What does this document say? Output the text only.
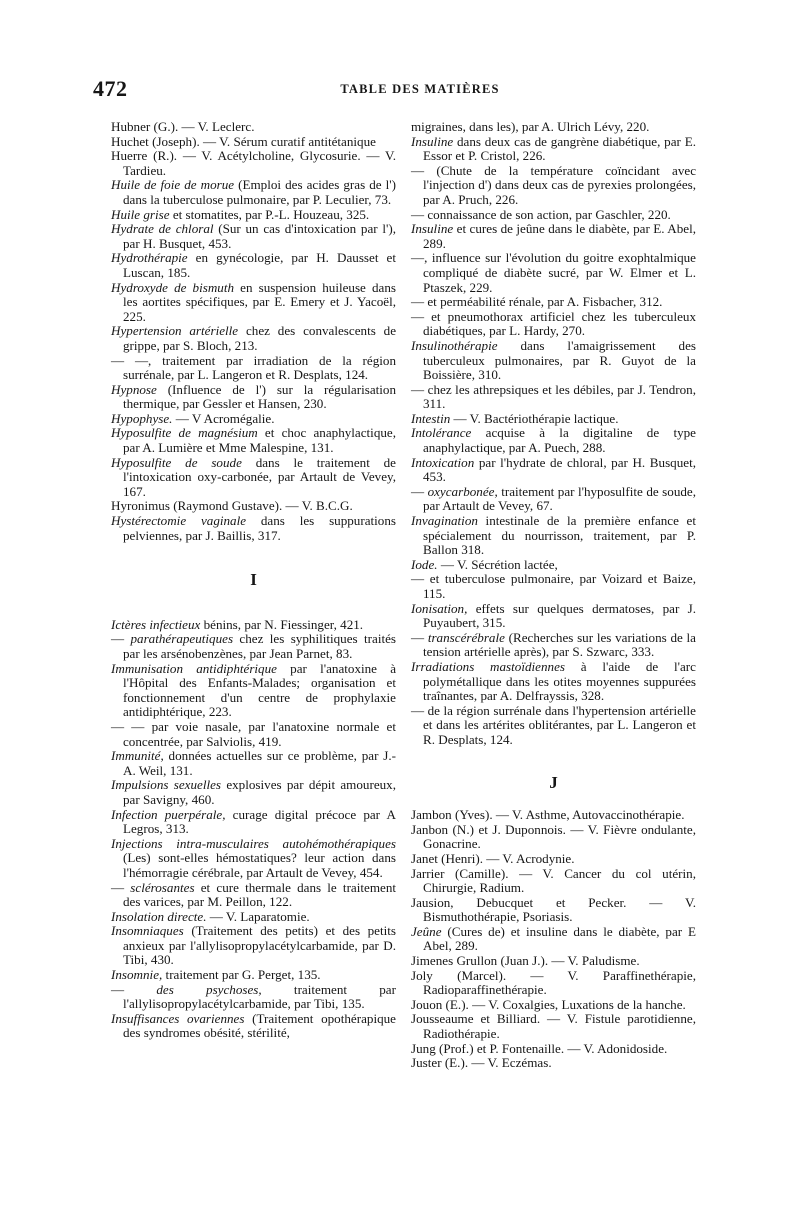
472	TABLE DES MATIÈRES

Hubner (G.). — V. Leclerc.

Huchet (Joseph). — V. Sérum curatif antitétanique

Huerre (R.). — V. Acétylcholine, Glycosurie. — V. Tardieu.

Huile de foie de morue (Emploi des acides gras de l') dans la tuberculose pulmonaire, par P. Leculier, 73.

Huile grise et stomatites, par P.-L. Houzeau, 325.

Hydrate de chloral (Sur un cas d'intoxication par l'), par H. Busquet, 453.

Hydrothérapie en gynécologie, par H. Dausset et Luscan, 185.

Hydroxyde de bismuth en suspension huileuse dans les aortites spécifiques, par E. Emery et J. Yacoël, 225.

Hypertension artérielle chez des convalescents de grippe, par S. Bloch, 213.

— —, traitement par irradiation de la région surrénale, par L. Langeron et R. Desplats, 124.

Hypnose (Influence de l') sur la régularisation thermique, par Gessler et Hansen, 230.

Hypophyse. — V Acromégalie.

Hyposulfite de magnésium et choc anaphylactique, par A. Lumière et Mme Malespine, 131.

Hyposulfite de soude dans le traitement de l'intoxication oxy-carbonée, par Artault de Vevey, 167.

Hyronimus (Raymond Gustave). — V. B.C.G.

Hystérectomie vaginale dans les suppurations pelviennes, par J. Baillis, 317.

I

Ictères infectieux bénins, par N. Fiessinger, 421.

— parathérapeutiques chez les syphilitiques traités par les arsénobenzènes, par Jean Parnet, 83.

Immunisation antidiphtérique par l'anatoxine à l'Hôpital des Enfants-Malades; organisation et fonctionnement d'un centre de prophylaxie antidiphtérique, 223.

— — par voie nasale, par l'anatoxine normale et concentrée, par Salviolis, 419.

Immunité, données actuelles sur ce problème, par J.-A. Weil, 131.

Impulsions sexuelles explosives par dépit amoureux, par Savigny, 460.

Infection puerpérale, curage digital précoce par A Legros, 313.

Injections intra-musculaires autohémothérapiques (Les) sont-elles hémostatiques? leur action dans l'hémorragie cérébrale, par Artault de Vevey, 454.

— sclérosantes et cure thermale dans le traitement des varices, par M. Peillon, 122.

Insolation directe. — V. Laparatomie.

Insomniaques (Traitement des petits) et des petits anxieux par l'allylisopropylacétylcarbamide, par D. Tibi, 430.

Insomnie, traitement par G. Perget, 135.

— des psychoses, traitement par l'allylisopropylacétylcarbamide, par Tibi, 135.

Insuffisances ovariennes (Traitement opothérapique des syndromes obésité, stérilité,

migraines, dans les), par A. Ulrich Lévy, 220.

Insuline dans deux cas de gangrène diabétique, par E. Essor et P. Cristol, 226.

— (Chute de la température coïncidant avec l'injection d') dans deux cas de pyrexies prolongées, par A. Pruch, 226.

— connaissance de son action, par Gaschler, 220.

Insuline et cures de jeûne dans le diabète, par E. Abel, 289.

—, influence sur l'évolution du goitre exophtalmique compliqué de diabète sucré, par W. Elmer et L. Ptaszek, 229.

— et perméabilité rénale, par A. Fisbacher, 312.

— et pneumothorax artificiel chez les tuberculeux diabétiques, par L. Hardy, 270.

Insulinothérapie dans l'amaigrissement des tuberculeux pulmonaires, par R. Guyot de la Boissière, 310.

— chez les athrepsiques et les débiles, par J. Tendron, 311.

Intestin — V. Bactériothérapie lactique.

Intolérance acquise à la digitaline de type anaphylactique, par A. Puech, 288.

Intoxication par l'hydrate de chloral, par H. Busquet, 453.

— oxycarbonée, traitement par l'hyposulfite de soude, par Artault de Vevey, 67.

Invagination intestinale de la première enfance et spécialement du nourrisson, traitement, par P. Ballon 318.

Iode. — V. Sécrétion lactée,

— et tuberculose pulmonaire, par Voizard et Baize, 115.

Ionisation, effets sur quelques dermatoses, par J. Puyaubert, 315.

— transcérébrale (Recherches sur les variations de la tension artérielle après), par S. Szwarc, 333.

Irradiations mastoïdiennes à l'aide de l'arc polymétallique dans les otites moyennes suppurées traînantes, par A. Delfrayssis, 328.

— de la région surrénale dans l'hypertension artérielle et dans les artérites oblitérantes, par L. Langeron et R. Desplats, 124.

J

Jambon (Yves). — V. Asthme, Autovaccinothérapie.

Janbon (N.) et J. Duponnois. — V. Fièvre ondulante, Gonacrine.

Janet (Henri). — V. Acrodynie.

Jarrier (Camille). — V. Cancer du col utérin, Chirurgie, Radium.

Jausion, Debucquet et Pecker. — V. Bismuthothérapie, Psoriasis.

Jeûne (Cures de) et insuline dans le diabète, par E Abel, 289.

Jimenes Grullon (Juan J.). — V. Paludisme.

Joly (Marcel). — V. Paraffinethérapie, Radioparaffinethérapie.

Jouon (E.). — V. Coxalgies, Luxations de la hanche.

Jousseaume et Billiard. — V. Fistule parotidienne, Radiothérapie.

Jung (Prof.) et P. Fontenaille. — V. Adonidoside.

Juster (E.). — V. Eczémas.
